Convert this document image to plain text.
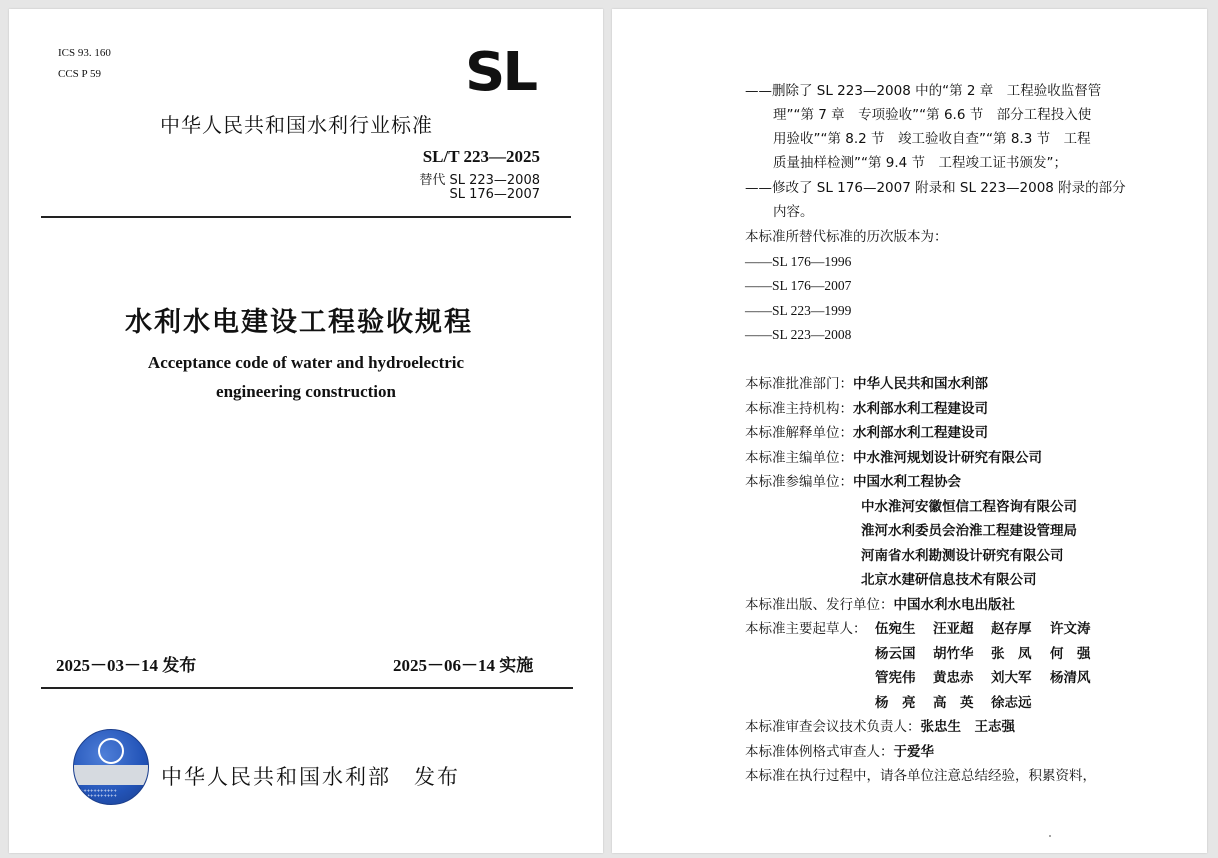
ICS 93. 160
CCS P 59	SL
中华人民共和国水利行业标准
SL/T 223—2025
替代 SL 223—2008
SL 176—2007
水利水电建设工程验收规程
Acceptance code of water and hydroelectric
engineering construction
2025－03－14 发布	2025－06－14 实施
+++++++++++
+++++++++++
中华人民共和国水利部　发布
——删除了 SL 223—2008 中的“第 2 章　工程验收监督管
理”“第 7 章　专项验收”“第 6.6 节　部分工程投入使
用验收”“第 8.2 节　竣工验收自查”“第 8.3 节　工程
质量抽样检测”“第 9.4 节　工程竣工证书颁发”；
——修改了 SL 176—2007 附录和 SL 223—2008 附录的部分
内容。
本标准所替代标准的历次版本为：
——SL 176—1996
——SL 176—2007
——SL 223—1999
——SL 223—2008
本标准批准部门：中华人民共和国水利部
本标准主持机构：水利部水利工程建设司
本标准解释单位：水利部水利工程建设司
本标准主编单位：中水淮河规划设计研究有限公司
本标准参编单位：中国水利工程协会
中水淮河安徽恒信工程咨询有限公司
淮河水利委员会治淮工程建设管理局
河南省水利勘测设计研究有限公司
北京水建研信息技术有限公司
本标准出版、发行单位：中国水利水电出版社
本标准主要起草人： 伍宛生 汪亚超 赵存厚 许文涛
杨云国 胡竹华 张　凤 何　强
管宪伟 黄忠赤 刘大军 杨清风
杨　亮 高　英 徐志远
本标准审查会议技术负责人：张忠生　王志强
本标准体例格式审查人：于爱华
本标准在执行过程中，请各单位注意总结经验，积累资料，
